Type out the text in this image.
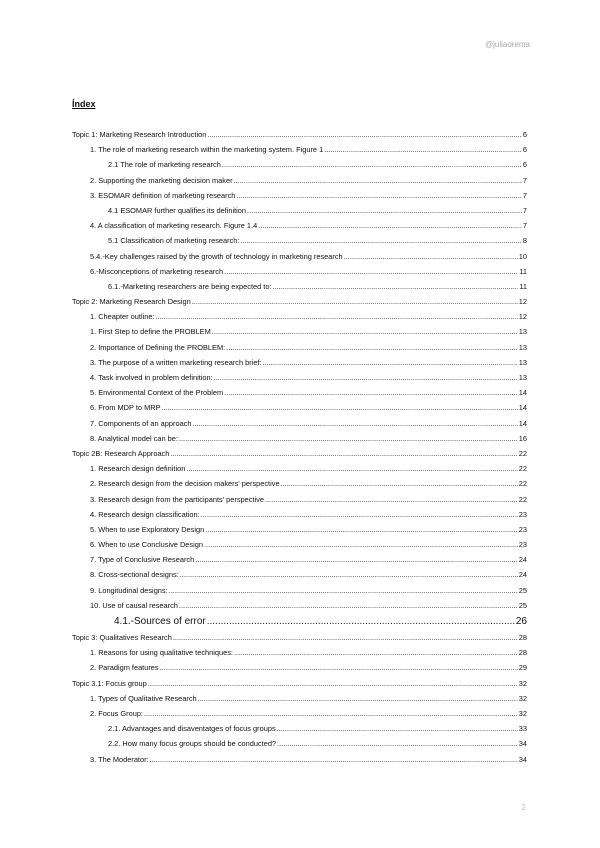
@juliaorema
Índex
Topic 1: Marketing Research Introduction .....	6
1. The role of marketing research within the marketing system. Figure 1 .....	6
2.1 The role of marketing research .....	6
2. Supporting the marketing decision maker .....	7
3. ESOMAR definition of marketing research .....	7
4.1 ESOMAR further qualifies its definition .....	7
4. A classification of marketing research. Figure 1.4 .....	7
5.1 Classification of marketing research: .....	8
5.4.-Key challenges raised by the growth of technology in marketing research .....	10
6.-Misconceptions of marketing research .....	11
6.1.-Marketing researchers are being expected to: .....	11
Topic 2: Marketing Research Design .....	12
1. Cheapter outline: .....	12
1. First Step to define the PROBLEM .....	13
2. Importance of Defining the PROBLEM: .....	13
3. The purpose of a written marketing research brief: .....	13
4. Task involved in problem definition: .....	13
5. Environmental Context of the Problem .....	14
6. From MDP to MRP .....	14
7. Components of an approach .....	14
8. Analytical model can be: .....	16
Topic 2B: Research Approach .....	22
1. Research design definition .....	22
2. Research design from the decision makers' perspective .....	22
3. Research design from the participants' perspective .....	22
4. Research design classification: .....	23
5. When to use Exploratory Design .....	23
6. When to use Conclusive Design .....	23
7. Type of Conclusive Research .....	24
8. Cross-sectional designs: .....	24
9. Longitudinal designs: .....	25
10. Use of causal research .....	25
4.1.-Sources of error .....	26
Topic 3: Qualitatives Research .....	28
1. Reasons for using qualitative techniques: .....	28
2. Paradigm features .....	29
Topic 3.1: Focus group .....	32
1. Types of Qualitative Research .....	32
2. Focus Group: .....	32
2.1. Advantages and disaventatges of focus groups .....	33
2.2. How many focus groups should be conducted? .....	34
3. The Moderator: .....	34
2
